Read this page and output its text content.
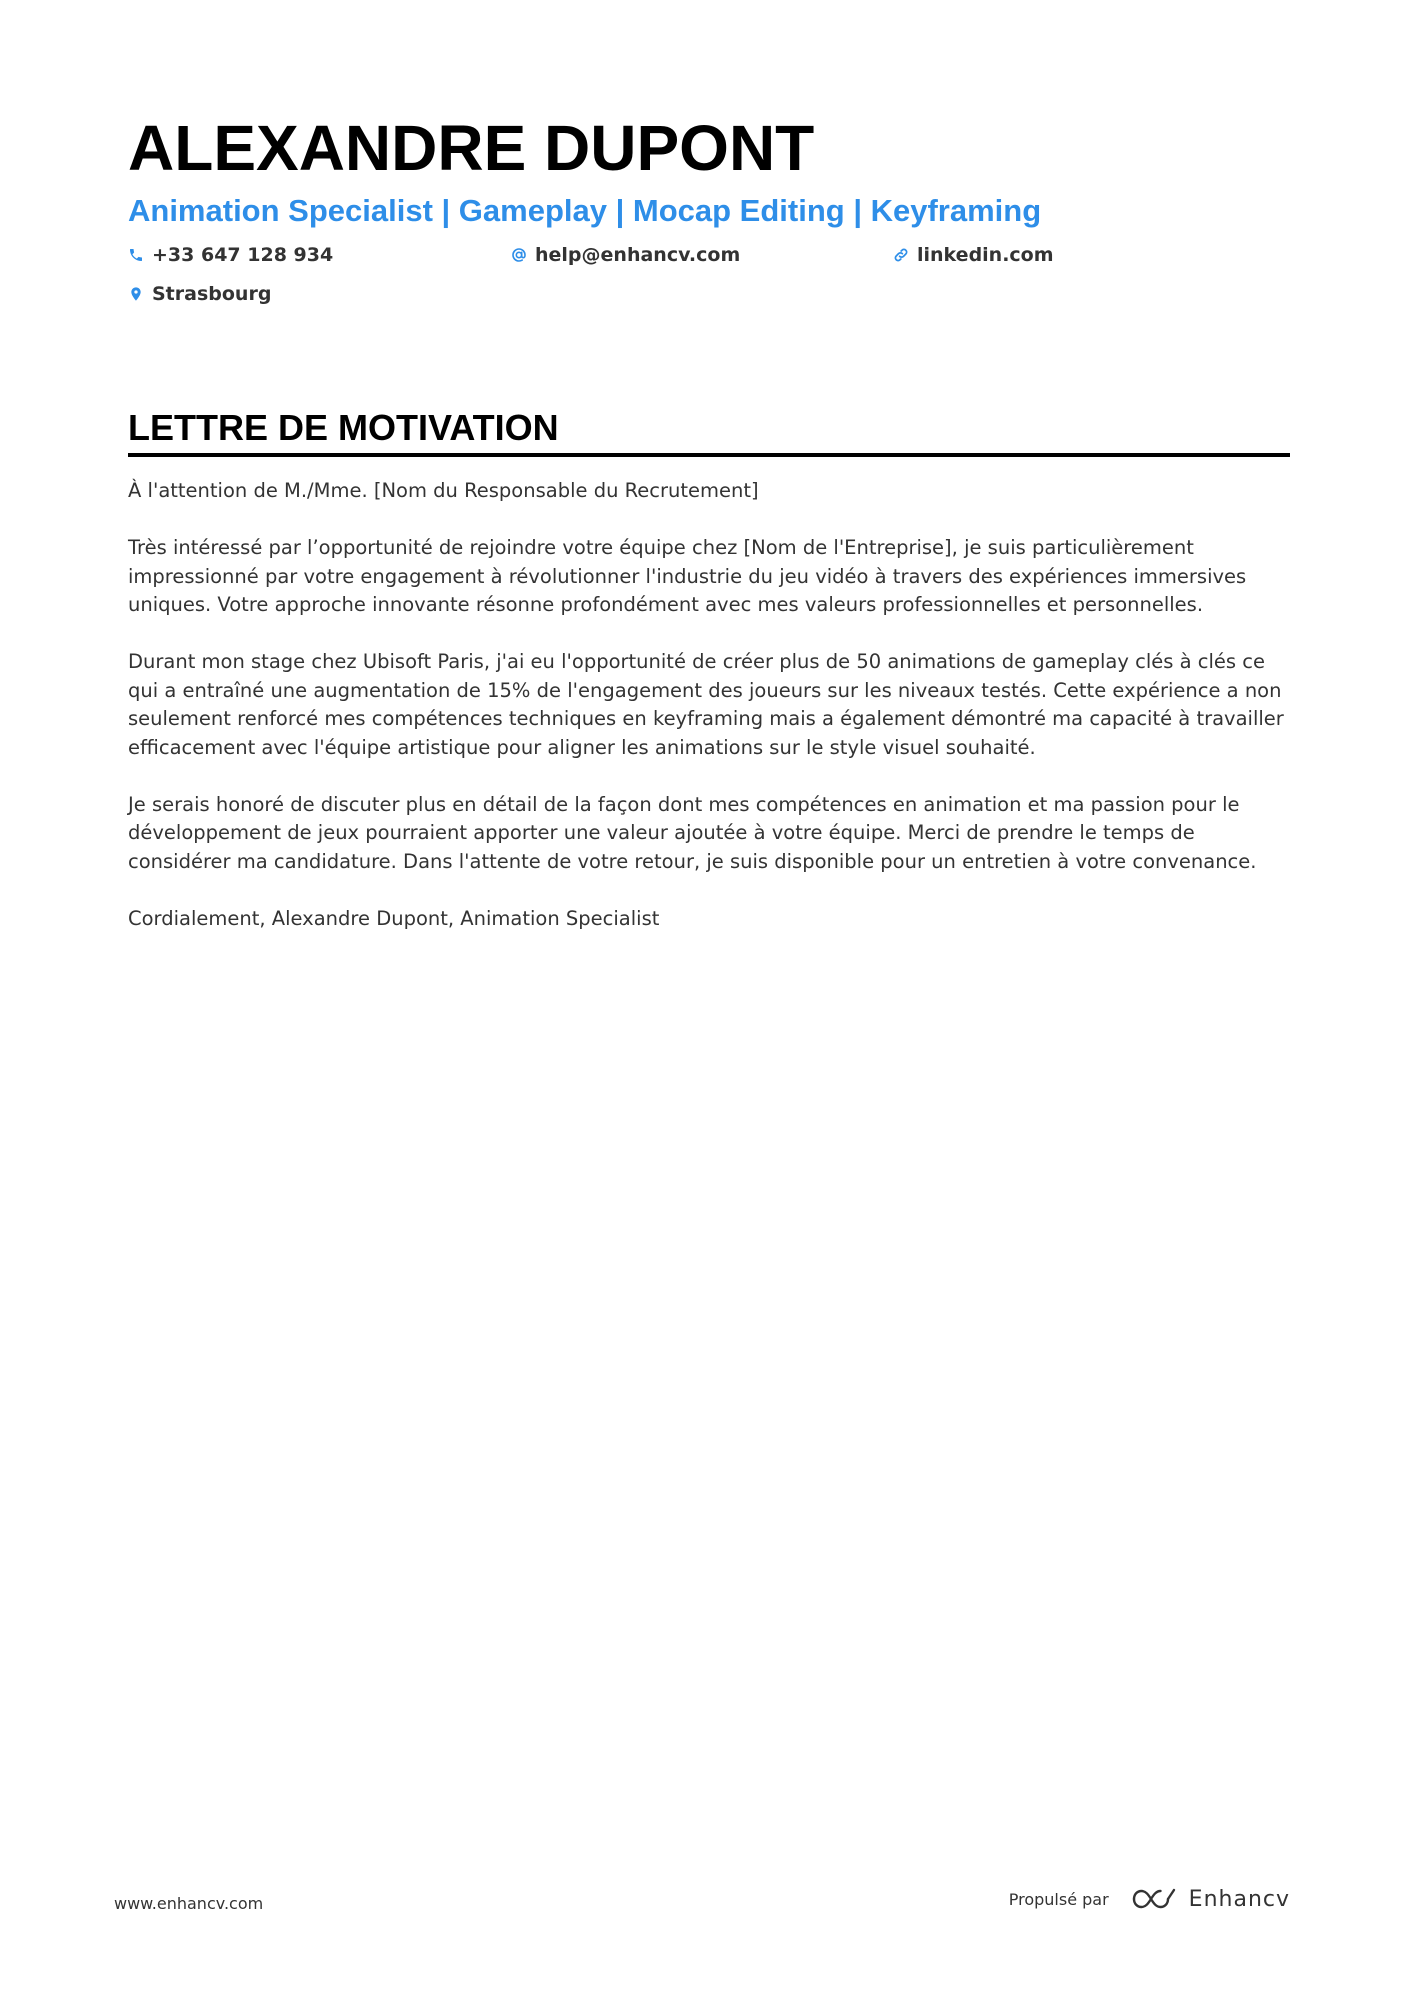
ALEXANDRE DUPONT
Animation Specialist | Gameplay | Mocap Editing | Keyframing
+33 647 128 934	help@enhancv.com	linkedin.com
Strasbourg
LETTRE DE MOTIVATION

À l'attention de M./Mme. [Nom du Responsable du Recrutement]

Très intéressé par l’opportunité de rejoindre votre équipe chez [Nom de l'Entreprise], je suis particulièrement impressionné par votre engagement à révolutionner l'industrie du jeu vidéo à travers des expériences immersives uniques. Votre approche innovante résonne profondément avec mes valeurs professionnelles et personnelles.

Durant mon stage chez Ubisoft Paris, j'ai eu l'opportunité de créer plus de 50 animations de gameplay clés à clés ce qui a entraîné une augmentation de 15% de l'engagement des joueurs sur les niveaux testés. Cette expérience a non seulement renforcé mes compétences techniques en keyframing mais a également démontré ma capacité à travailler efficacement avec l'équipe artistique pour aligner les animations sur le style visuel souhaité.

Je serais honoré de discuter plus en détail de la façon dont mes compétences en animation et ma passion pour le développement de jeux pourraient apporter une valeur ajoutée à votre équipe. Merci de prendre le temps de considérer ma candidature. Dans l'attente de votre retour, je suis disponible pour un entretien à votre convenance.

Cordialement, Alexandre Dupont, Animation Specialist

www.enhancv.com	Propulsé par	Enhancv
